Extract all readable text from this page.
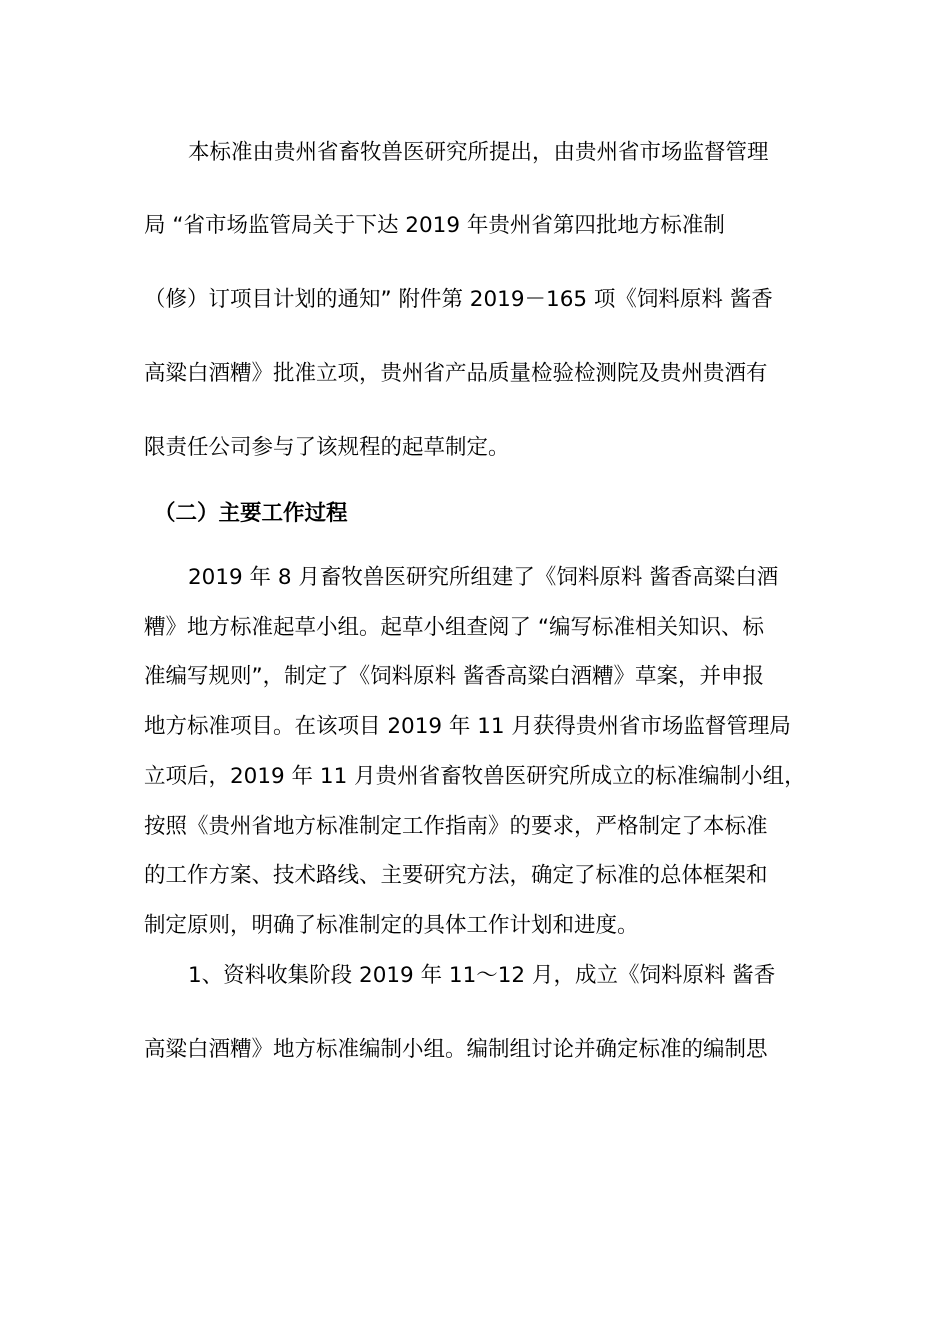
本标准由贵州省畜牧兽医研究所提出，由贵州省市场监督管理
局 “省市场监管局关于下达 2019 年贵州省第四批地方标准制
（修）订项目计划的通知” 附件第 2019－165 项《饲料原料 酱香
高粱白酒糟》批准立项，贵州省产品质量检验检测院及贵州贵酒有
限责任公司参与了该规程的起草制定。
（二）主要工作过程
2019 年 8 月畜牧兽医研究所组建了《饲料原料 酱香高粱白酒
糟》地方标准起草小组。起草小组查阅了 “编写标准相关知识、标
准编写规则”，制定了《饲料原料 酱香高粱白酒糟》草案，并申报
地方标准项目。在该项目 2019 年 11 月获得贵州省市场监督管理局
立项后，2019 年 11 月贵州省畜牧兽医研究所成立的标准编制小组，
按照《贵州省地方标准制定工作指南》的要求，严格制定了本标准
的工作方案、技术路线、主要研究方法，确定了标准的总体框架和
制定原则，明确了标准制定的具体工作计划和进度。
1、资料收集阶段 2019 年 11～12 月，成立《饲料原料 酱香
高粱白酒糟》地方标准编制小组。编制组讨论并确定标准的编制思
